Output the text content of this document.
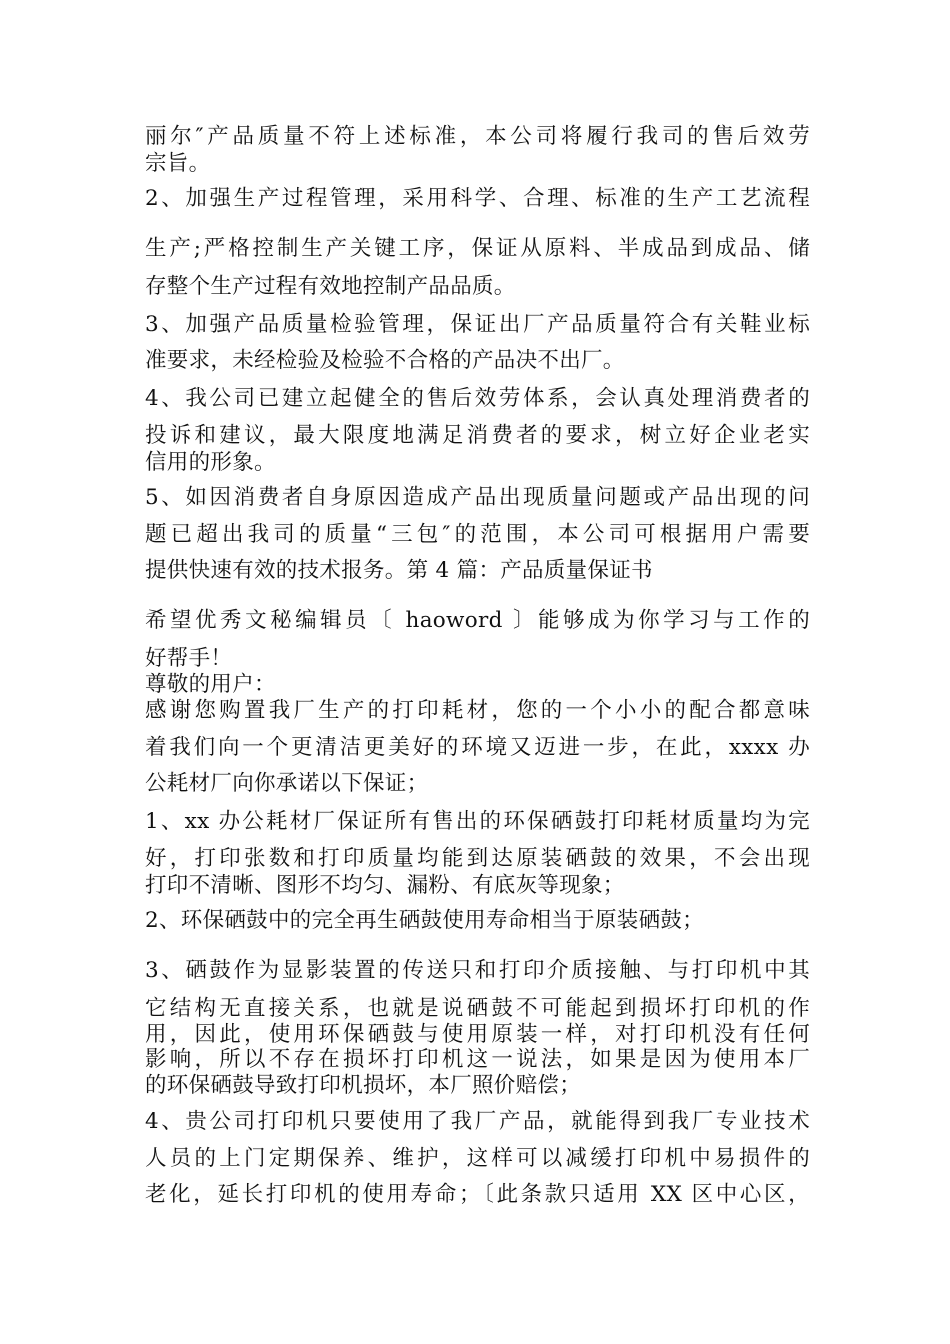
丽尔″产品质量不符上述标准，本公司将履行我司的售后效劳
宗旨。
2、加强生产过程管理，采用科学、合理、标准的生产工艺流程
生产;严格控制生产关键工序，保证从原料、半成品到成品、储
存整个生产过程有效地控制产品品质。
3、加强产品质量检验管理，保证出厂产品质量符合有关鞋业标
准要求，未经检验及检验不合格的产品决不出厂。
4、我公司已建立起健全的售后效劳体系，会认真处理消费者的
投诉和建议，最大限度地满足消费者的要求，树立好企业老实
信用的形象。
5、如因消费者自身原因造成产品出现质量问题或产品出现的问
题已超出我司的质量“三包″的范围，本公司可根据用户需要
提供快速有效的技术报务。第 4 篇：产品质量保证书
希望优秀文秘编辑员〔 haoword 〕能够成为你学习与工作的
好帮手！
尊敬的用户：
感谢您购置我厂生产的打印耗材，您的一个小小的配合都意味
着我们向一个更清洁更美好的环境又迈进一步，在此，xxxx 办
公耗材厂向你承诺以下保证；
1、xx 办公耗材厂保证所有售出的环保硒鼓打印耗材质量均为完
好，打印张数和打印质量均能到达原装硒鼓的效果，不会出现
打印不清晰、图形不均匀、漏粉、有底灰等现象；
2、环保硒鼓中的完全再生硒鼓使用寿命相当于原装硒鼓；
3、硒鼓作为显影装置的传送只和打印介质接触、与打印机中其
它结构无直接关系，也就是说硒鼓不可能起到损坏打印机的作
用，因此，使用环保硒鼓与使用原装一样，对打印机没有任何
影响，所以不存在损坏打印机这一说法，如果是因为使用本厂
的环保硒鼓导致打印机损坏，本厂照价赔偿；
4、贵公司打印机只要使用了我厂产品，就能得到我厂专业技术
人员的上门定期保养、维护，这样可以减缓打印机中易损件的
老化，延长打印机的使用寿命；〔此条款只适用 XX 区中心区，
